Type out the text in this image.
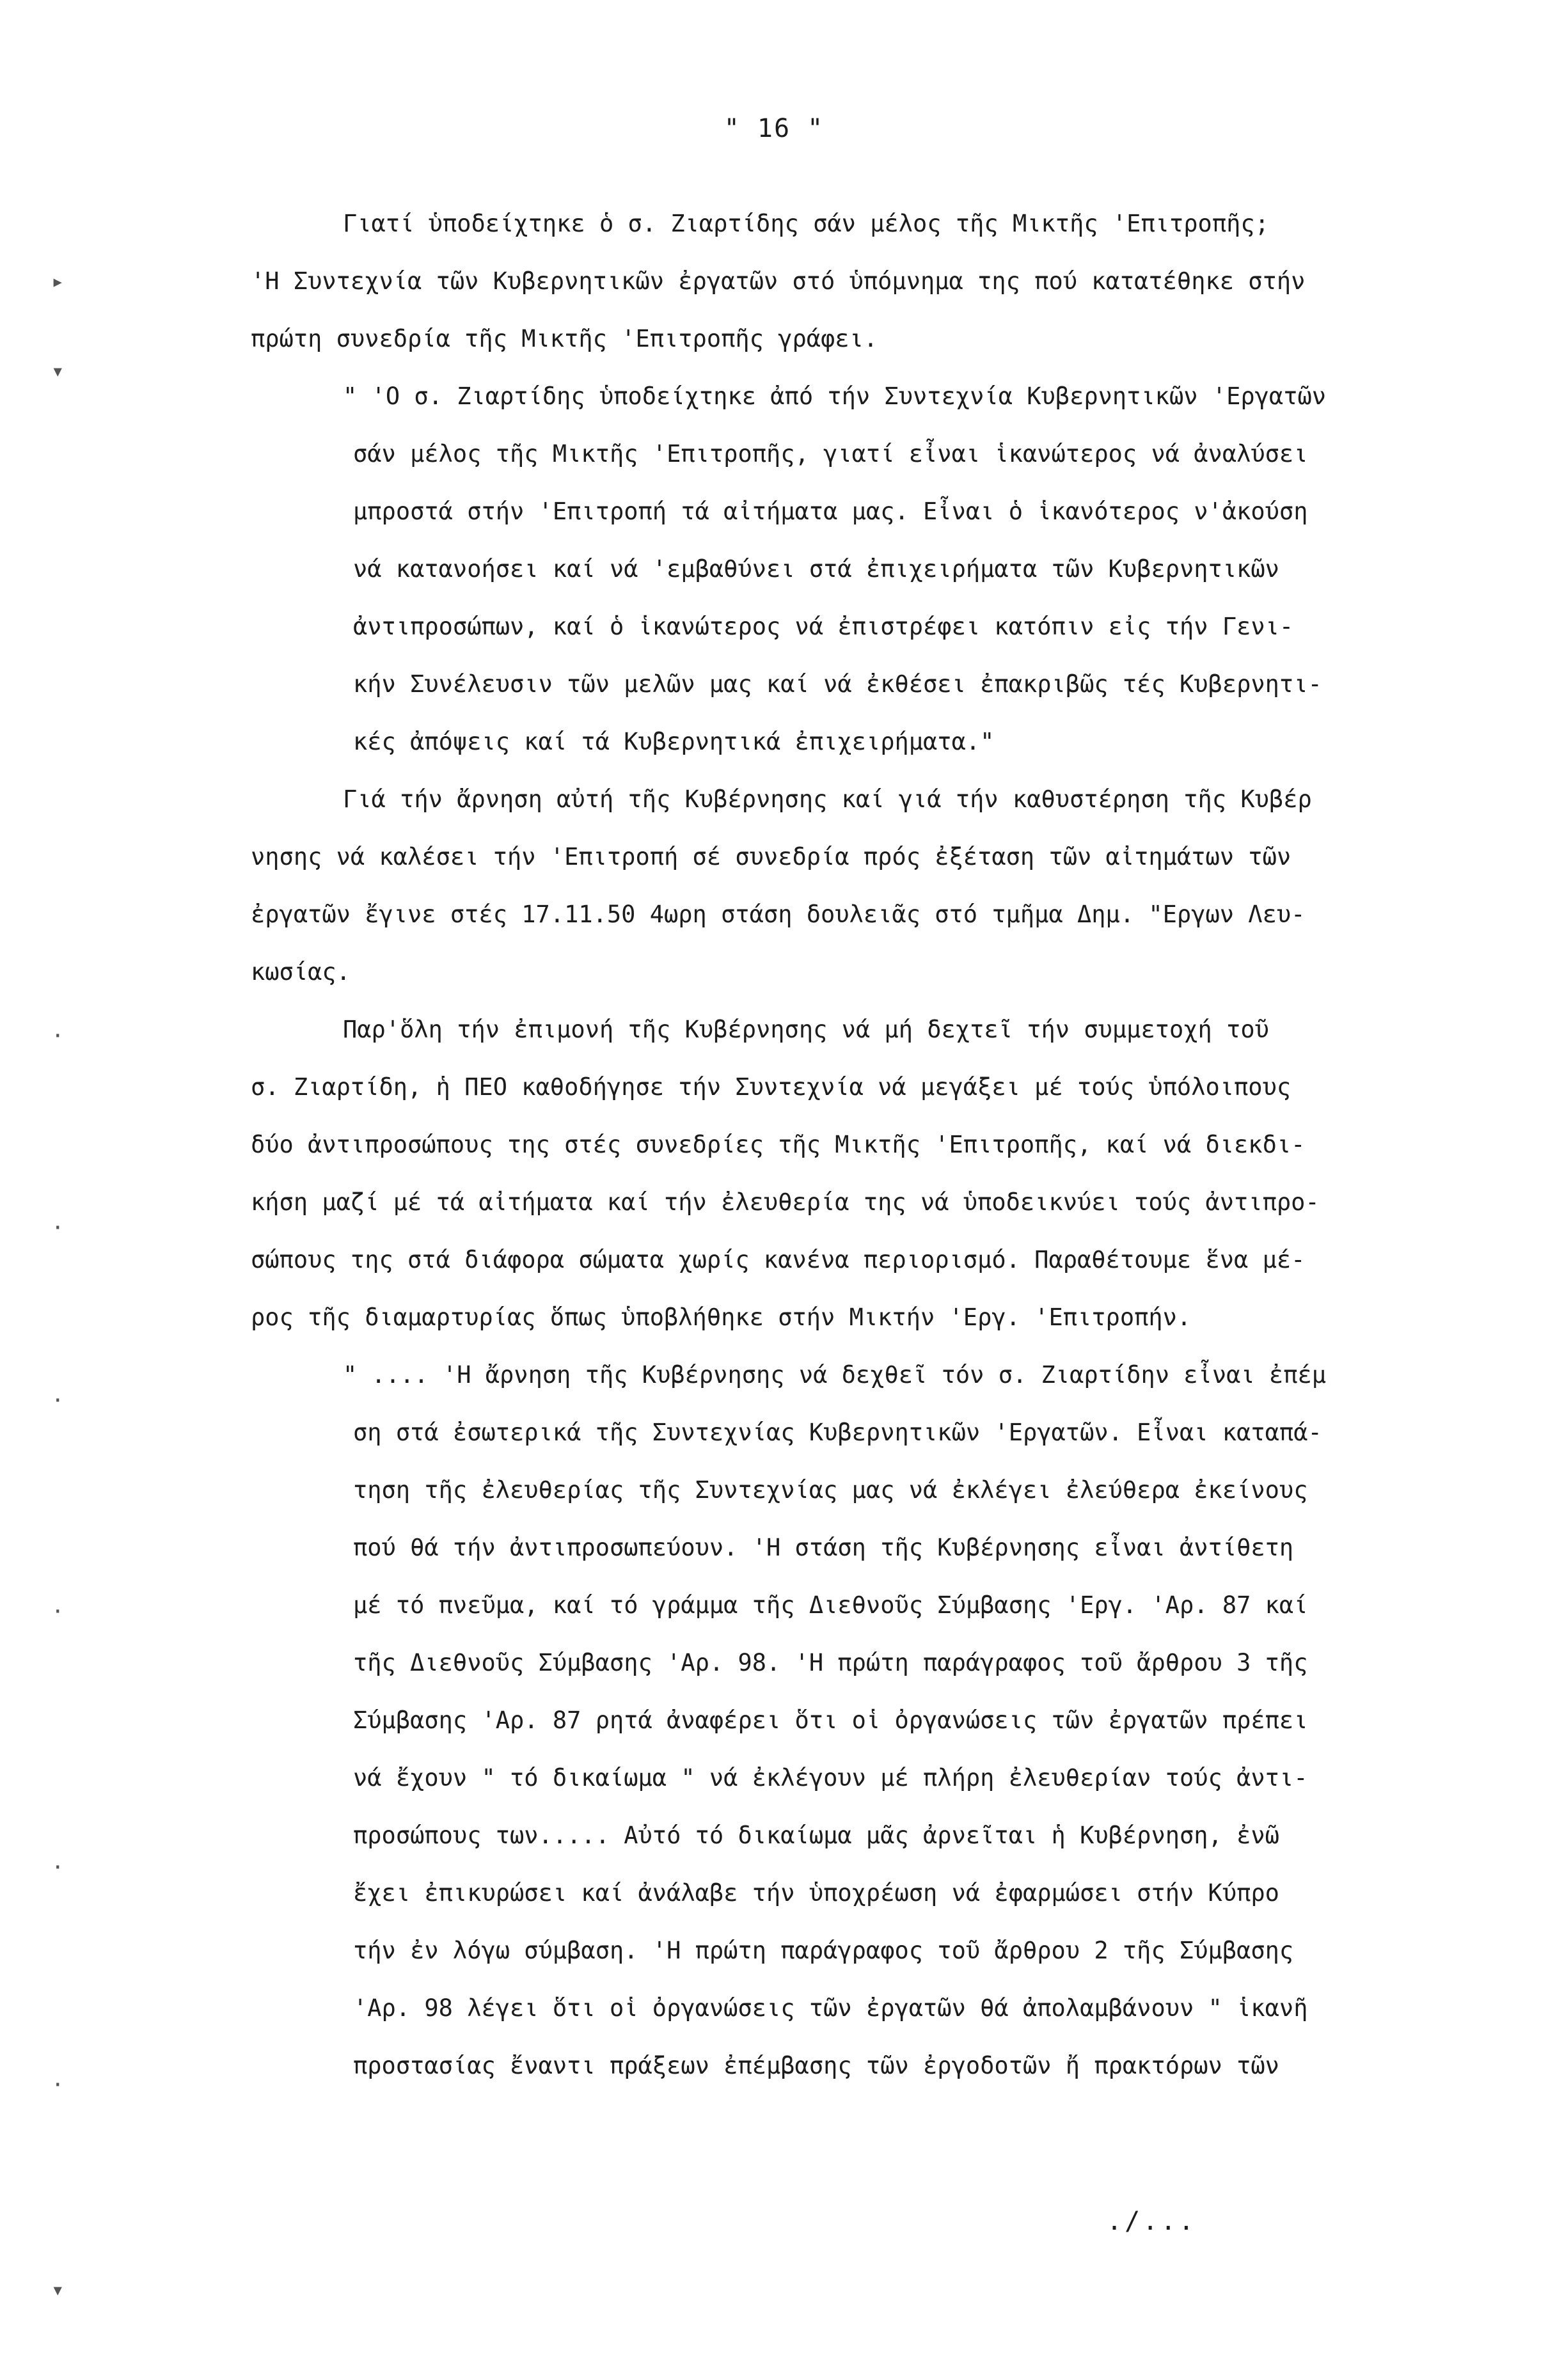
" 16 "
Γιατί ὑποδείχτηκε ὁ σ. Ζιαρτίδης σάν μέλος τῆς Μικτῆς 'Επιτροπῆς;
'Η Συντεχνία τῶν Κυβερνητικῶν ἐργατῶν στό ὑπόμνημα της πού κατατέθηκε στήν
πρώτη συνεδρία τῆς Μικτῆς 'Επιτροπῆς γράφει.
" 'Ο σ. Ζιαρτίδης ὑποδείχτηκε ἀπό τήν Συντεχνία Κυβερνητικῶν 'Εργατῶν
σάν μέλος τῆς Μικτῆς 'Επιτροπῆς, γιατί εἶναι ἱκανώτερος νά ἀναλύσει
μπροστά στήν 'Επιτροπή τά αἰτήματα μας. Εἶναι ὁ ἱκανότερος ν'ἀκούση
νά κατανοήσει καί νά 'εμβαθύνει στά ἐπιχειρήματα τῶν Κυβερνητικῶν
ἀντιπροσώπων, καί ὁ ἱκανώτερος νά ἐπιστρέφει κατόπιν εἰς τήν Γενι-
κήν Συνέλευσιν τῶν μελῶν μας καί νά ἐκθέσει ἐπακριβῶς τές Κυβερνητι-
κές ἀπόψεις καί τά Κυβερνητικά ἐπιχειρήματα."
Γιά τήν ἄρνηση αὐτή τῆς Κυβέρνησης καί γιά τήν καθυστέρηση τῆς Κυβέρ
νησης νά καλέσει τήν 'Επιτροπή σέ συνεδρία πρός ἐξέταση τῶν αἰτημάτων τῶν
ἐργατῶν ἔγινε στές 17.11.50 4ωρη στάση δουλειᾶς στό τμῆμα Δημ. "Εργων Λευ-
κωσίας.
Παρ'ὅλη τήν ἐπιμονή τῆς Κυβέρνησης νά μή δεχτεῖ τήν συμμετοχή τοῦ
σ. Ζιαρτίδη, ἡ ΠΕΟ καθοδήγησε τήν Συντεχνία νά μεγάξει μέ τούς ὑπόλοιπους
δύο ἀντιπροσώπους της στές συνεδρίες τῆς Μικτῆς 'Επιτροπῆς, καί νά διεκδι-
κήση μαζί μέ τά αἰτήματα καί τήν ἐλευθερία της νά ὑποδεικνύει τούς ἀντιπρο-
σώπους της στά διάφορα σώματα χωρίς κανένα περιορισμό. Παραθέτουμε ἕνα μέ-
ρος τῆς διαμαρτυρίας ὅπως ὑποβλήθηκε στήν Μικτήν 'Εργ. 'Επιτροπήν.
" .... 'Η ἄρνηση τῆς Κυβέρνησης νά δεχθεῖ τόν σ. Ζιαρτίδην εἶναι ἐπέμ
ση στά ἐσωτερικά τῆς Συντεχνίας Κυβερνητικῶν 'Εργατῶν. Εἶναι καταπά-
τηση τῆς ἐλευθερίας τῆς Συντεχνίας μας νά ἐκλέγει ἐλεύθερα ἐκείνους
πού θά τήν ἀντιπροσωπεύουν. 'Η στάση τῆς Κυβέρνησης εἶναι ἀντίθετη
μέ τό πνεῦμα, καί τό γράμμα τῆς Διεθνοῦς Σύμβασης 'Εργ. 'Αρ. 87 καί
τῆς Διεθνοῦς Σύμβασης 'Αρ. 98. 'Η πρώτη παράγραφος τοῦ ἄρθρου 3 τῆς
Σύμβασης 'Αρ. 87 ρητά ἀναφέρει ὅτι οἱ ὀργανώσεις τῶν ἐργατῶν πρέπει
νά ἔχουν " τό δικαίωμα " νά ἐκλέγουν μέ πλήρη ἐλευθερίαν τούς ἀντι-
προσώπους των..... Αὐτό τό δικαίωμα μᾶς ἀρνεῖται ἡ Κυβέρνηση, ἐνῶ
ἔχει ἐπικυρώσει καί ἀνάλαβε τήν ὑποχρέωση νά ἐφαρμώσει στήν Κύπρο
τήν ἐν λόγω σύμβαση. 'Η πρώτη παράγραφος τοῦ ἄρθρου 2 τῆς Σύμβασης
'Αρ. 98 λέγει ὅτι οἱ ὀργανώσεις τῶν ἐργατῶν θά ἀπολαμβάνουν " ἱκανῆ
προστασίας ἔναντι πράξεων ἐπέμβασης τῶν ἐργοδοτῶν ἤ πρακτόρων τῶν
▸
▾
·
·
·
·
·
·
▾
./...
